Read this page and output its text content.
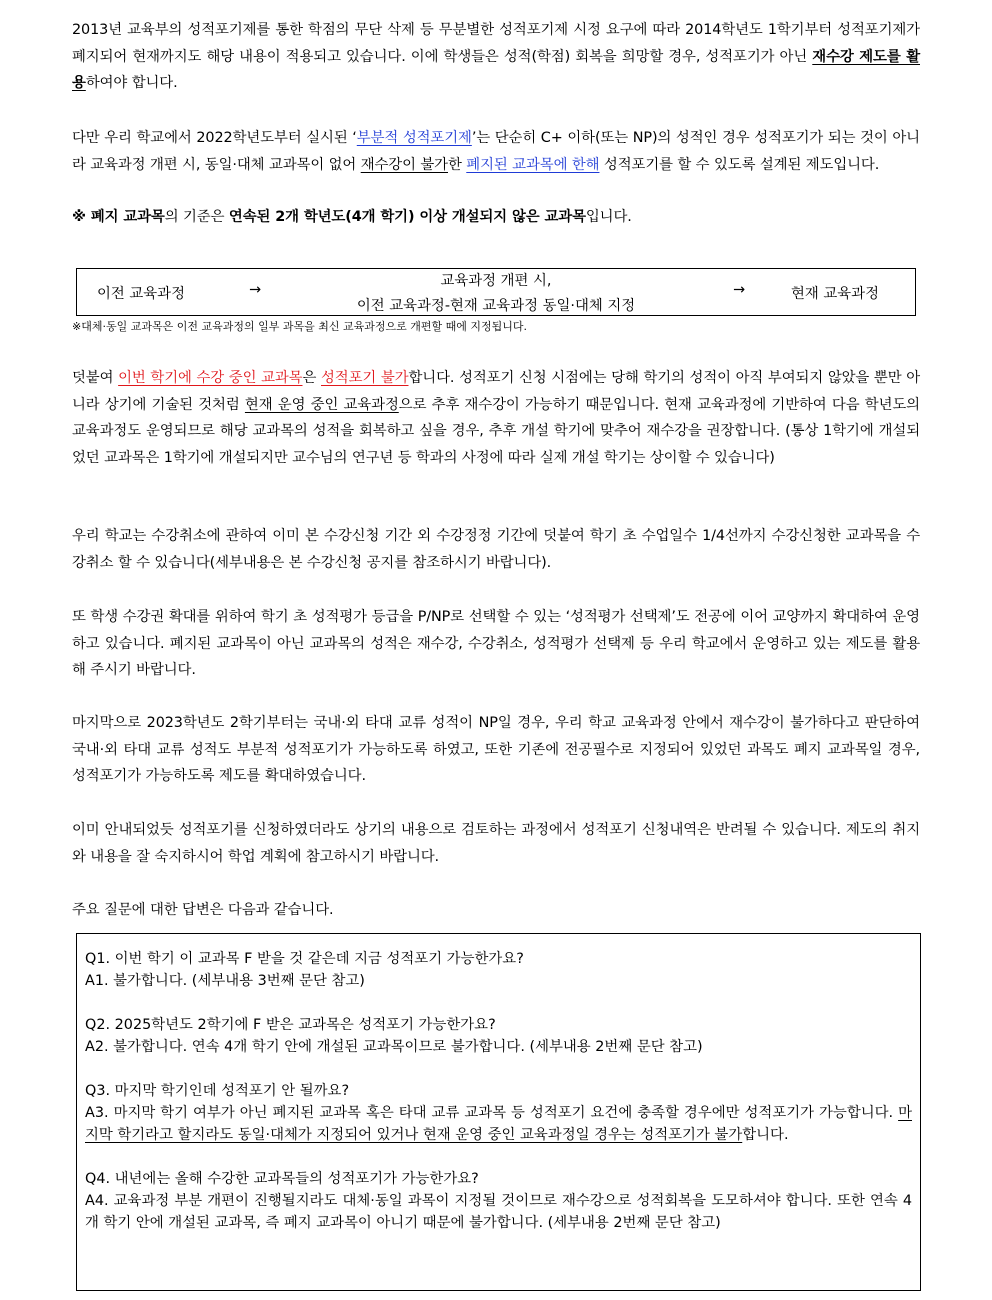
2013년 교육부의 성적포기제를 통한 학점의 무단 삭제 등 무분별한 성적포기제 시정 요구에 따라 2014학년도 1학기부터 성적포기제가 폐지되어 현재까지도 해당 내용이 적용되고 있습니다. 이에 학생들은 성적(학점) 회복을 희망할 경우, 성적포기가 아닌 재수강 제도를 활용하여야 합니다.

다만 우리 학교에서 2022학년도부터 실시된 ‘부분적 성적포기제’는 단순히 C+ 이하(또는 NP)의 성적인 경우 성적포기가 되는 것이 아니라 교육과정 개편 시, 동일·대체 교과목이 없어 재수강이 불가한 폐지된 교과목에 한해 성적포기를 할 수 있도록 설계된 제도입니다.

※ 폐지 교과목의 기준은 연속된 2개 학년도(4개 학기) 이상 개설되지 않은 교과목입니다.

이전 교육과정	→
교육과정 개편 시,
이전 교육과정-현재 교육과정 동일·대체 지정
→	현재 교육과정
※대체·동일 교과목은 이전 교육과정의 일부 과목을 최신 교육과정으로 개편할 때에 지정됩니다.

덧붙여 이번 학기에 수강 중인 교과목은 성적포기 불가합니다. 성적포기 신청 시점에는 당해 학기의 성적이 아직 부여되지 않았을 뿐만 아니라 상기에 기술된 것처럼 현재 운영 중인 교육과정으로 추후 재수강이 가능하기 때문입니다. 현재 교육과정에 기반하여 다음 학년도의 교육과정도 운영되므로 해당 교과목의 성적을 회복하고 싶을 경우, 추후 개설 학기에 맞추어 재수강을 권장합니다. (통상 1학기에 개설되었던 교과목은 1학기에 개설되지만 교수님의 연구년 등 학과의 사정에 따라 실제 개설 학기는 상이할 수 있습니다)

우리 학교는 수강취소에 관하여 이미 본 수강신청 기간 외 수강정정 기간에 덧붙여 학기 초 수업일수 1/4선까지 수강신청한 교과목을 수강취소 할 수 있습니다(세부내용은 본 수강신청 공지를 참조하시기 바랍니다).

또 학생 수강권 확대를 위하여 학기 초 성적평가 등급을 P/NP로 선택할 수 있는 ‘성적평가 선택제’도 전공에 이어 교양까지 확대하여 운영하고 있습니다. 폐지된 교과목이 아닌 교과목의 성적은 재수강, 수강취소, 성적평가 선택제 등 우리 학교에서 운영하고 있는 제도를 활용해 주시기 바랍니다.

마지막으로 2023학년도 2학기부터는 국내·외 타대 교류 성적이 NP일 경우, 우리 학교 교육과정 안에서 재수강이 불가하다고 판단하여 국내·외 타대 교류 성적도 부분적 성적포기가 가능하도록 하였고, 또한 기존에 전공필수로 지정되어 있었던 과목도 폐지 교과목일 경우, 성적포기가 가능하도록 제도를 확대하였습니다.

이미 안내되었듯 성적포기를 신청하였더라도 상기의 내용으로 검토하는 과정에서 성적포기 신청내역은 반려될 수 있습니다. 제도의 취지와 내용을 잘 숙지하시어 학업 계획에 참고하시기 바랍니다.

주요 질문에 대한 답변은 다음과 같습니다.

Q1. 이번 학기 이 교과목 F 받을 것 같은데 지금 성적포기 가능한가요?

A1. 불가합니다. (세부내용 3번째 문단 참고)

Q2. 2025학년도 2학기에 F 받은 교과목은 성적포기 가능한가요?

A2. 불가합니다. 연속 4개 학기 안에 개설된 교과목이므로 불가합니다. (세부내용 2번째 문단 참고)

Q3. 마지막 학기인데 성적포기 안 될까요?

A3. 마지막 학기 여부가 아닌 폐지된 교과목 혹은 타대 교류 교과목 등 성적포기 요건에 충족할 경우에만 성적포기가 가능합니다. 마지막 학기라고 할지라도 동일·대체가 지정되어 있거나 현재 운영 중인 교육과정일 경우는 성적포기가 불가합니다.

Q4. 내년에는 올해 수강한 교과목들의 성적포기가 가능한가요?

A4. 교육과정 부분 개편이 진행될지라도 대체·동일 과목이 지정될 것이므로 재수강으로 성적회복을 도모하셔야 합니다. 또한 연속 4개 학기 안에 개설된 교과목, 즉 폐지 교과목이 아니기 때문에 불가합니다. (세부내용 2번째 문단 참고)
